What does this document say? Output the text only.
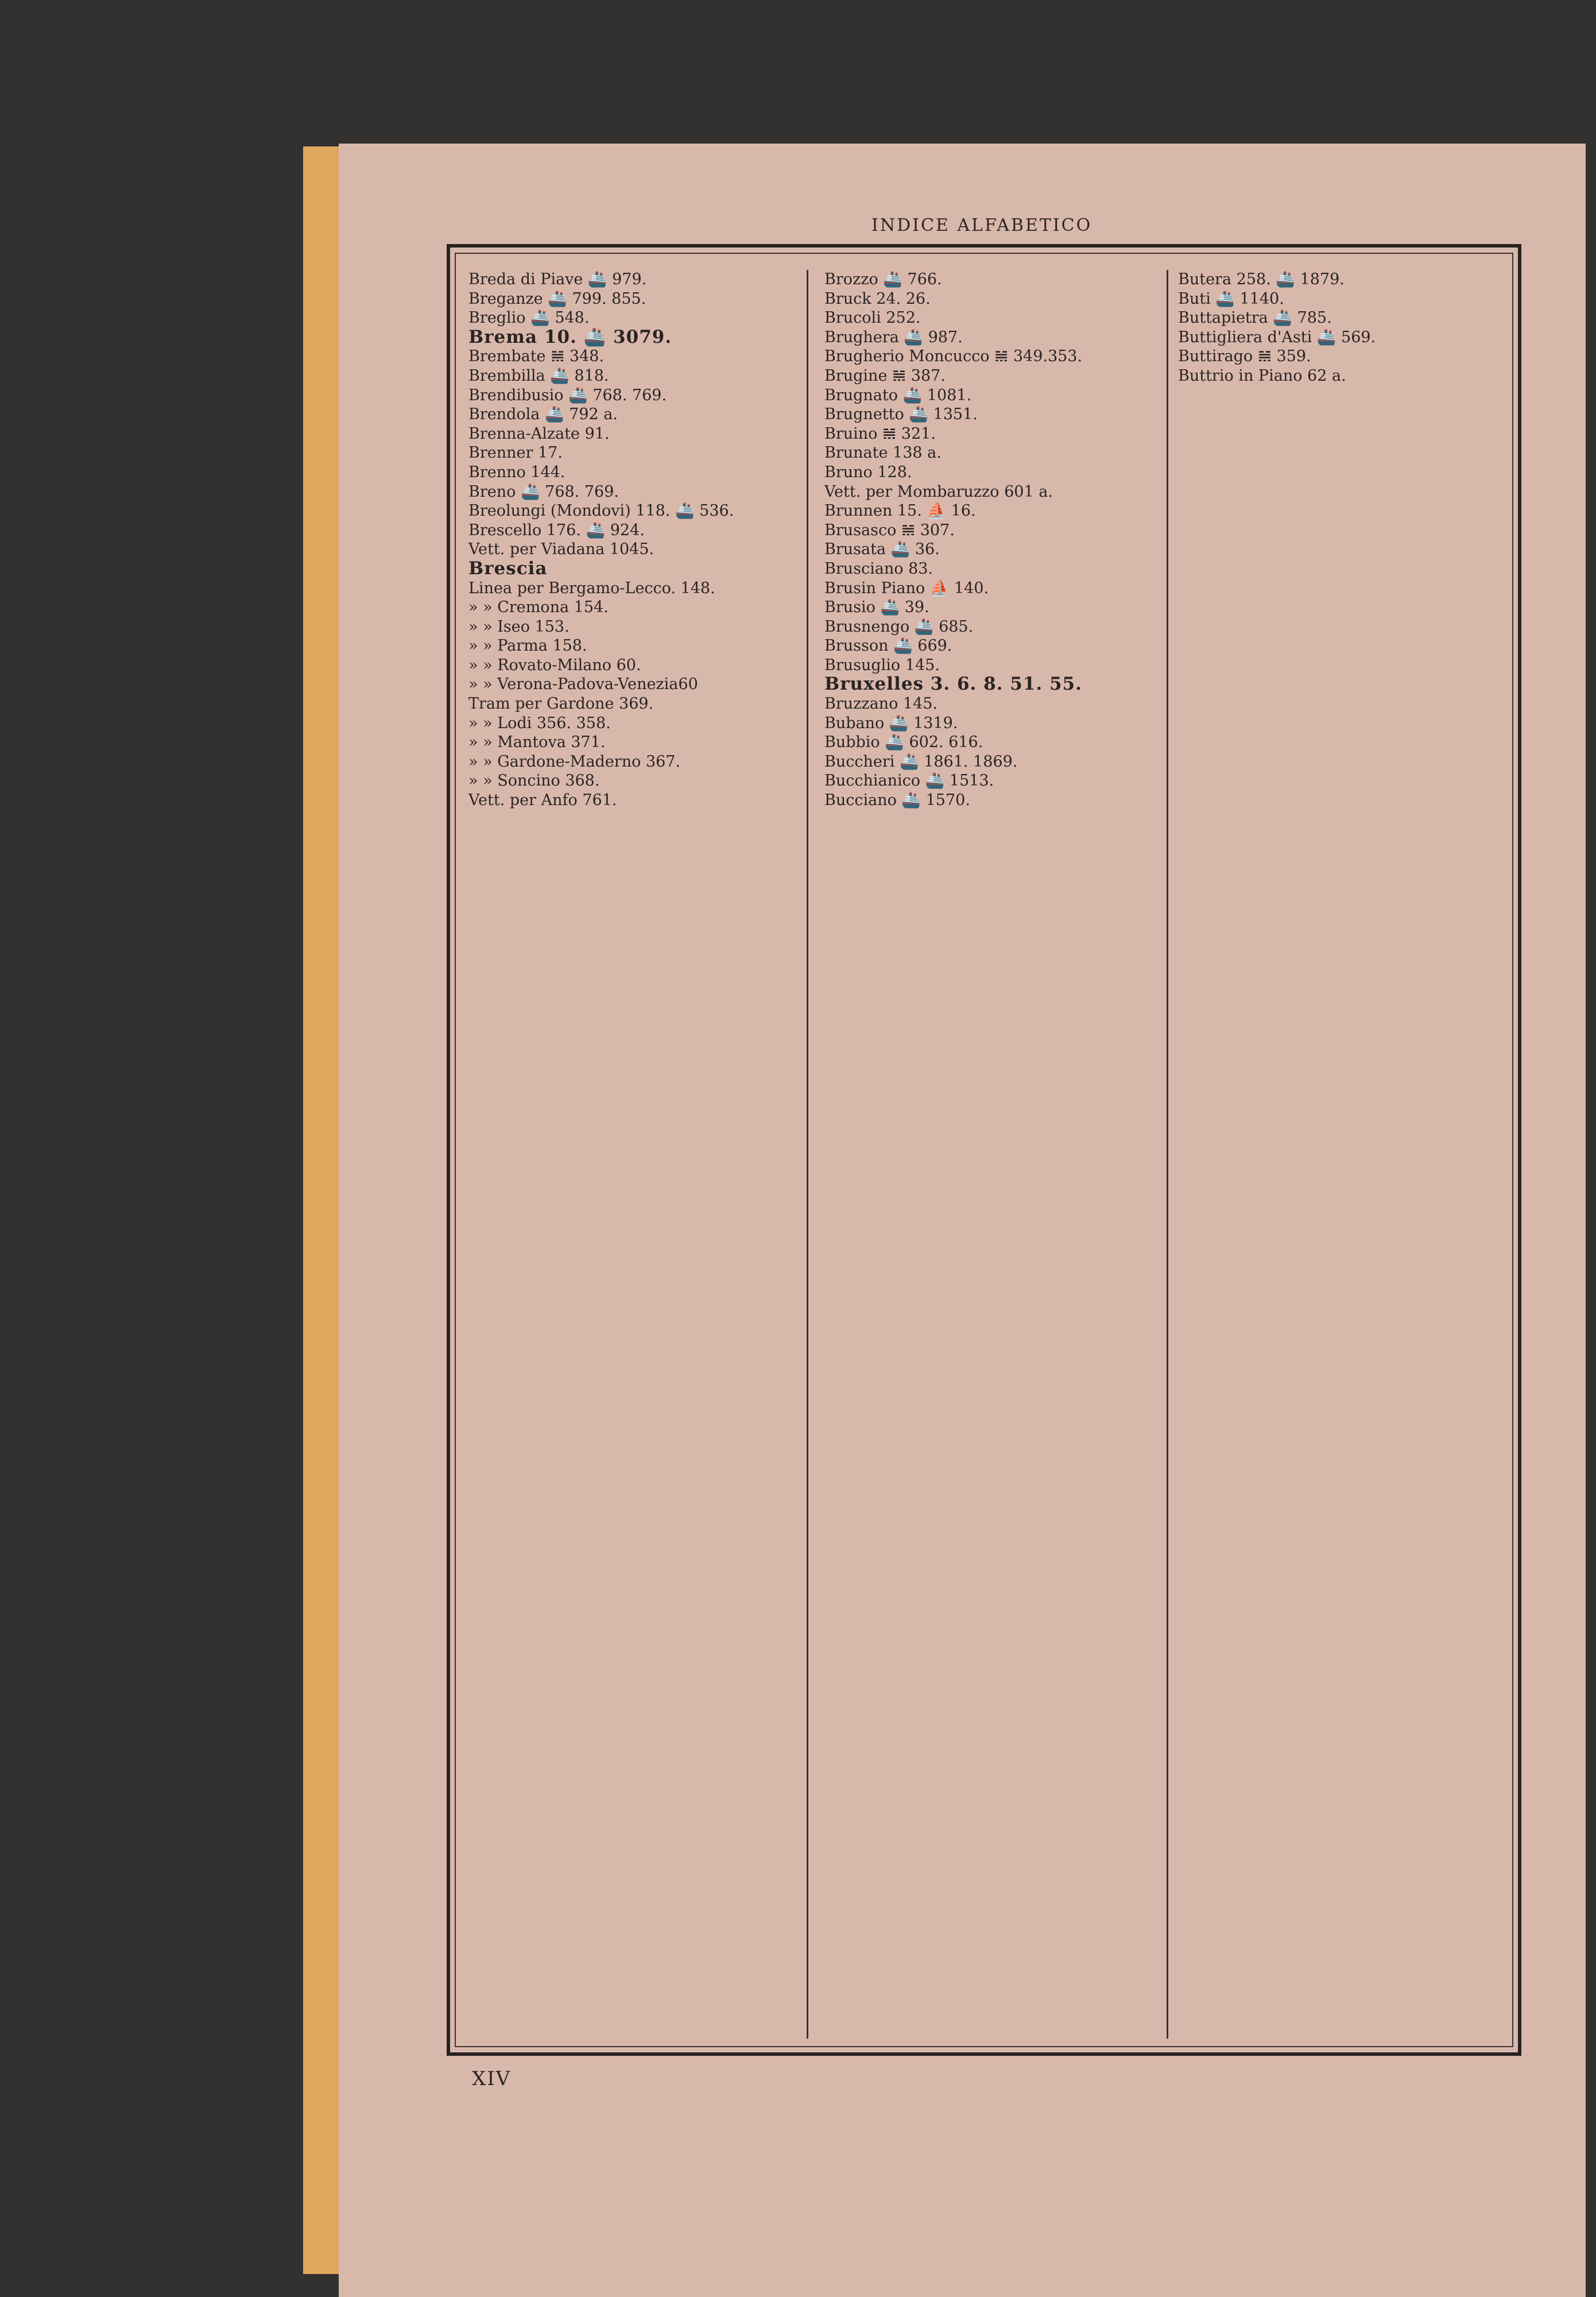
INDICE ALFABETICO
Breda di Piave 🚢 979.
Breganze 🚢 799. 855.
Breglio 🚢 548.
Brema 10. 🚢 3079.
Brembate 𝌣 348.
Brembilla 🚢 818.
Brendibusio 🚢 768. 769.
Brendola 🚢 792 a.
Brenna-Alzate 91.
Brenner 17.
Brenno 144.
Breno 🚢 768. 769.
Breolungi (Mondovi) 118. 🚢 536.
Brescello 176. 🚢 924.
Vett. per Viadana 1045.
Brescia
Linea per Bergamo-Lecco. 148.
» » Cremona 154.
» » Iseo 153.
» » Parma 158.
» » Rovato-Milano 60.
» » Verona-Padova-Venezia60
Tram per Gardone 369.
» » Lodi 356. 358.
» » Mantova 371.
» » Gardone-Maderno 367.
» » Soncino 368.
Vett. per Anfo 761.
Brozzo 🚢 766.
Bruck 24. 26.
Brucoli 252.
Brughera 🚢 987.
Brugherio Moncucco 𝌣 349.353.
Brugine 𝌣 387.
Brugnato 🚢 1081.
Brugnetto 🚢 1351.
Bruino 𝌣 321.
Brunate 138 a.
Bruno 128.
Vett. per Mombaruzzo 601 a.
Brunnen 15. ⛵ 16.
Brusasco 𝌣 307.
Brusata 🚢 36.
Brusciano 83.
Brusin Piano ⛵ 140.
Brusio 🚢 39.
Brusnengo 🚢 685.
Brusson 🚢 669.
Brusuglio 145.
Bruxelles 3. 6. 8. 51. 55.
Bruzzano 145.
Bubano 🚢 1319.
Bubbio 🚢 602. 616.
Buccheri 🚢 1861. 1869.
Bucchianico 🚢 1513.
Bucciano 🚢 1570.
Butera 258. 🚢 1879.
Buti 🚢 1140.
Buttapietra 🚢 785.
Buttigliera d'Asti 🚢 569.
Buttirago 𝌣 359.
Buttrio in Piano 62 a.
XIV
